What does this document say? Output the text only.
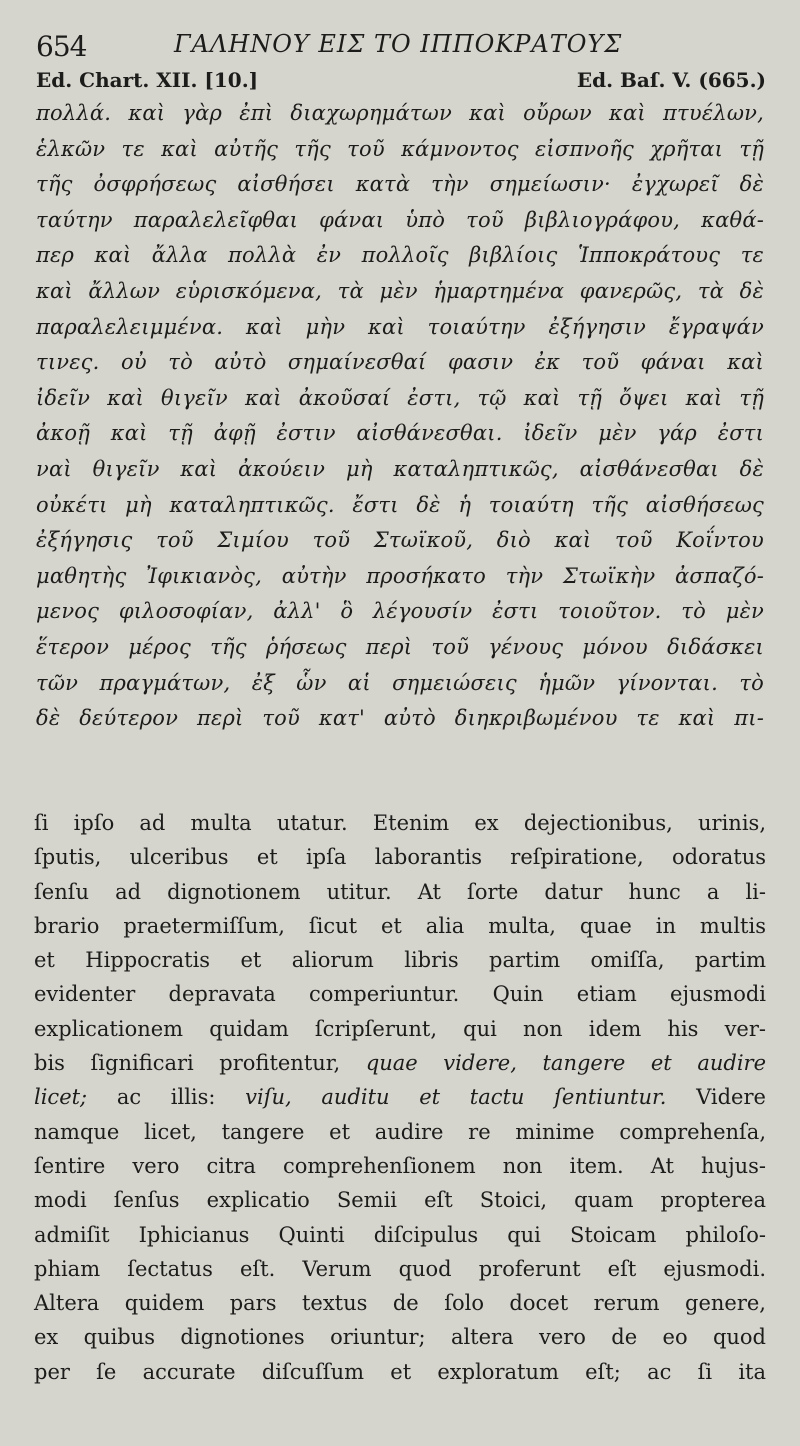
654	ΓΑΛΗΝΟΥ ΕΙΣ ΤΟ ΙΠΠΟΚΡΑΤΟΥΣ
Ed. Chart. XII. [10.]	Ed. Baſ. V. (665.)
πολλά. καὶ γὰρ ἐπὶ διαχωρημάτων καὶ οὔρων καὶ πτυέλων,
ἑλκῶν τε καὶ αὐτῆς τῆς τοῦ κάμνοντος εἰσπνοῆς χρῆται τῇ
τῆς ὀσφρήσεως αἰσθήσει κατὰ τὴν σημείωσιν· ἐγχωρεῖ δὲ
ταύτην παραλελεῖφθαι φάναι ὑπὸ τοῦ βιβλιογράφου, καθά-
περ καὶ ἄλλα πολλὰ ἐν πολλοῖς βιβλίοις Ἱπποκράτους τε
καὶ ἄλλων εὑρισκόμενα, τὰ μὲν ἡμαρτημένα φανερῶς, τὰ δὲ
παραλελειμμένα. καὶ μὴν καὶ τοιαύτην ἐξήγησιν ἔγραψάν
τινες. οὐ τὸ αὐτὸ σημαίνεσθαί φασιν ἐκ τοῦ φάναι καὶ
ἰδεῖν καὶ θιγεῖν καὶ ἀκοῦσαί ἐστι, τῷ καὶ τῇ ὄψει καὶ τῇ
ἀκοῇ καὶ τῇ ἀφῇ ἐστιν αἰσθάνεσθαι. ἰδεῖν μὲν γάρ ἐστι
ναὶ θιγεῖν καὶ ἀκούειν μὴ καταληπτικῶς, αἰσθάνεσθαι δὲ
οὐκέτι μὴ καταληπτικῶς. ἔστι δὲ ἡ τοιαύτη τῆς αἰσθήσεως
ἐξήγησις τοῦ Σιμίου τοῦ Στωϊκοῦ, διὸ καὶ τοῦ Κοΐντου
μαθητὴς Ἰφικιανὸς, αὐτὴν προσήκατο τὴν Στωϊκὴν ἀσπαζό-
μενος φιλοσοφίαν, ἀλλ' ὃ λέγουσίν ἐστι τοιοῦτον. τὸ μὲν
ἕτερον μέρος τῆς ῥήσεως περὶ τοῦ γένους μόνου διδάσκει
τῶν πραγμάτων, ἐξ ὧν αἱ σημειώσεις ἡμῶν γίνονται. τὸ
δὲ δεύτερον περὶ τοῦ κατ' αὐτὸ διηκριβωμένου τε καὶ πι-
ſi ipſo ad multa utatur. Etenim ex dejectionibus, urinis,
ſputis, ulceribus et ipſa laborantis reſpiratione, odoratus
ſenſu ad dignotionem utitur. At ſorte datur hunc a li-
brario praetermiſſum, ſicut et alia multa, quae in multis
et Hippocratis et aliorum libris partim omiſſa, partim
evidenter depravata comperiuntur. Quin etiam ejusmodi
explicationem quidam ſcripſerunt, qui non idem his ver-
bis ſignificari profitentur, quae videre, tangere et audire
licet; ac illis: viſu, auditu et tactu ſentiuntur. Videre
namque licet, tangere et audire re minime comprehenſa,
ſentire vero citra comprehenſionem non item. At hujus-
modi ſenſus explicatio Semii eſt Stoici, quam propterea
admiſit Iphicianus Quinti diſcipulus qui Stoicam philoſo-
phiam ſectatus eſt. Verum quod proferunt eſt ejusmodi.
Altera quidem pars textus de ſolo docet rerum genere,
ex quibus dignotiones oriuntur; altera vero de eo quod
per ſe accurate diſcuſſum et exploratum eſt; ac ſi ita
